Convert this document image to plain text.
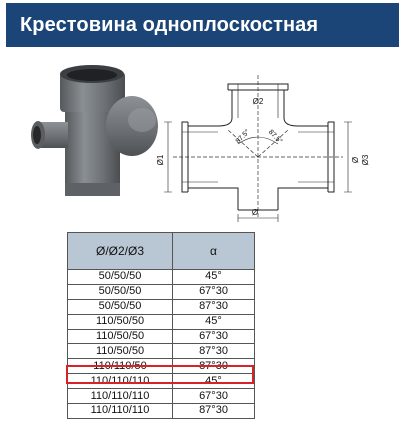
Крестовина одноплоскостная
Ø1	Ø Ø3
Ø
Ø2
87.5° 87.5°
Ø/Ø2/Ø3	α
50/50/50	45°
50/50/50	67°30
50/50/50	87°30
110/50/50	45°
110/50/50	67°30
110/50/50	87°30
110/110/50	87°30
110/110/110	45°
110/110/110	67°30
110/110/110	87°30
